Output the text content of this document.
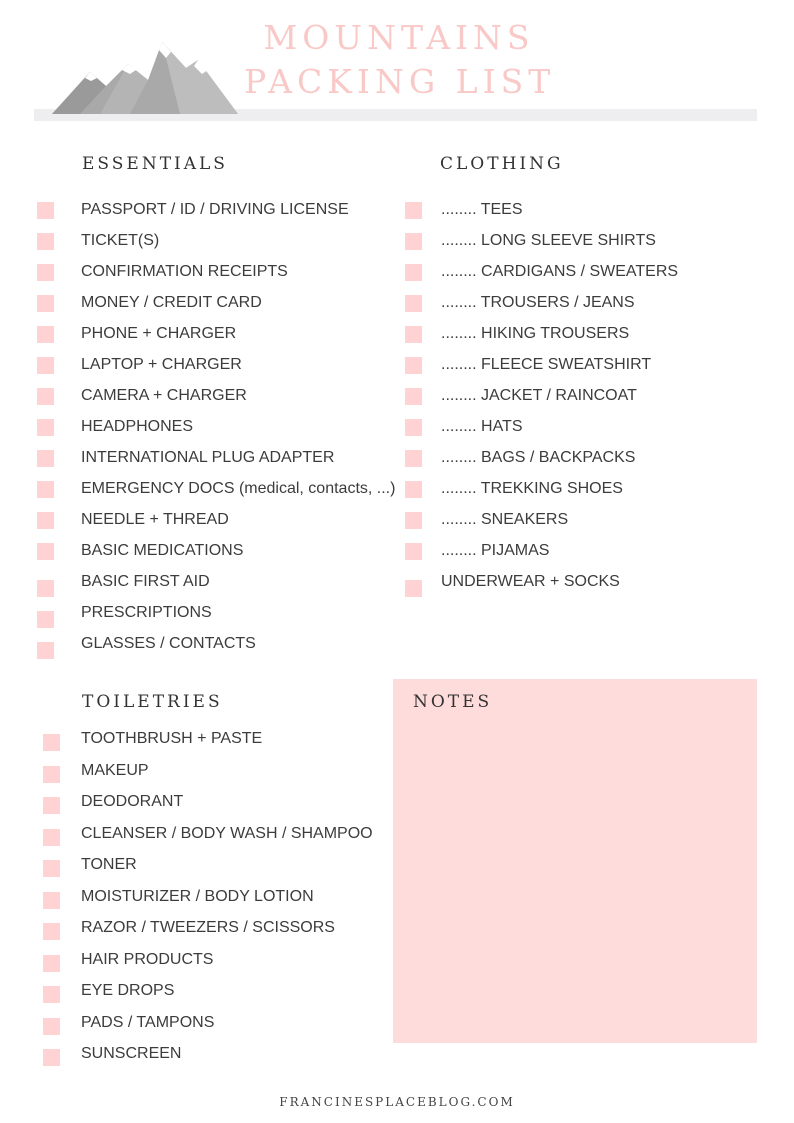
MOUNTAINS
PACKING LIST
ESSENTIALS
PASSPORT / ID / DRIVING LICENSE
TICKET(S)
CONFIRMATION RECEIPTS
MONEY / CREDIT CARD
PHONE + CHARGER
LAPTOP + CHARGER
CAMERA + CHARGER
HEADPHONES
INTERNATIONAL PLUG ADAPTER
EMERGENCY DOCS (medical, contacts, ...)
NEEDLE + THREAD
BASIC MEDICATIONS
BASIC FIRST AID
PRESCRIPTIONS
GLASSES / CONTACTS
CLOTHING
........ TEES
........ LONG SLEEVE SHIRTS
........ CARDIGANS / SWEATERS
........ TROUSERS / JEANS
........ HIKING TROUSERS
........ FLEECE SWEATSHIRT
........ JACKET / RAINCOAT
........ HATS
........ BAGS / BACKPACKS
........ TREKKING SHOES
........ SNEAKERS
........ PIJAMAS
UNDERWEAR + SOCKS
TOILETRIES
TOOTHBRUSH + PASTE
MAKEUP
DEODORANT
CLEANSER / BODY WASH / SHAMPOO
TONER
MOISTURIZER / BODY LOTION
RAZOR / TWEEZERS / SCISSORS
HAIR PRODUCTS
EYE DROPS
PADS / TAMPONS
SUNSCREEN
NOTES
FRANCINESPLACEBLOG.COM
